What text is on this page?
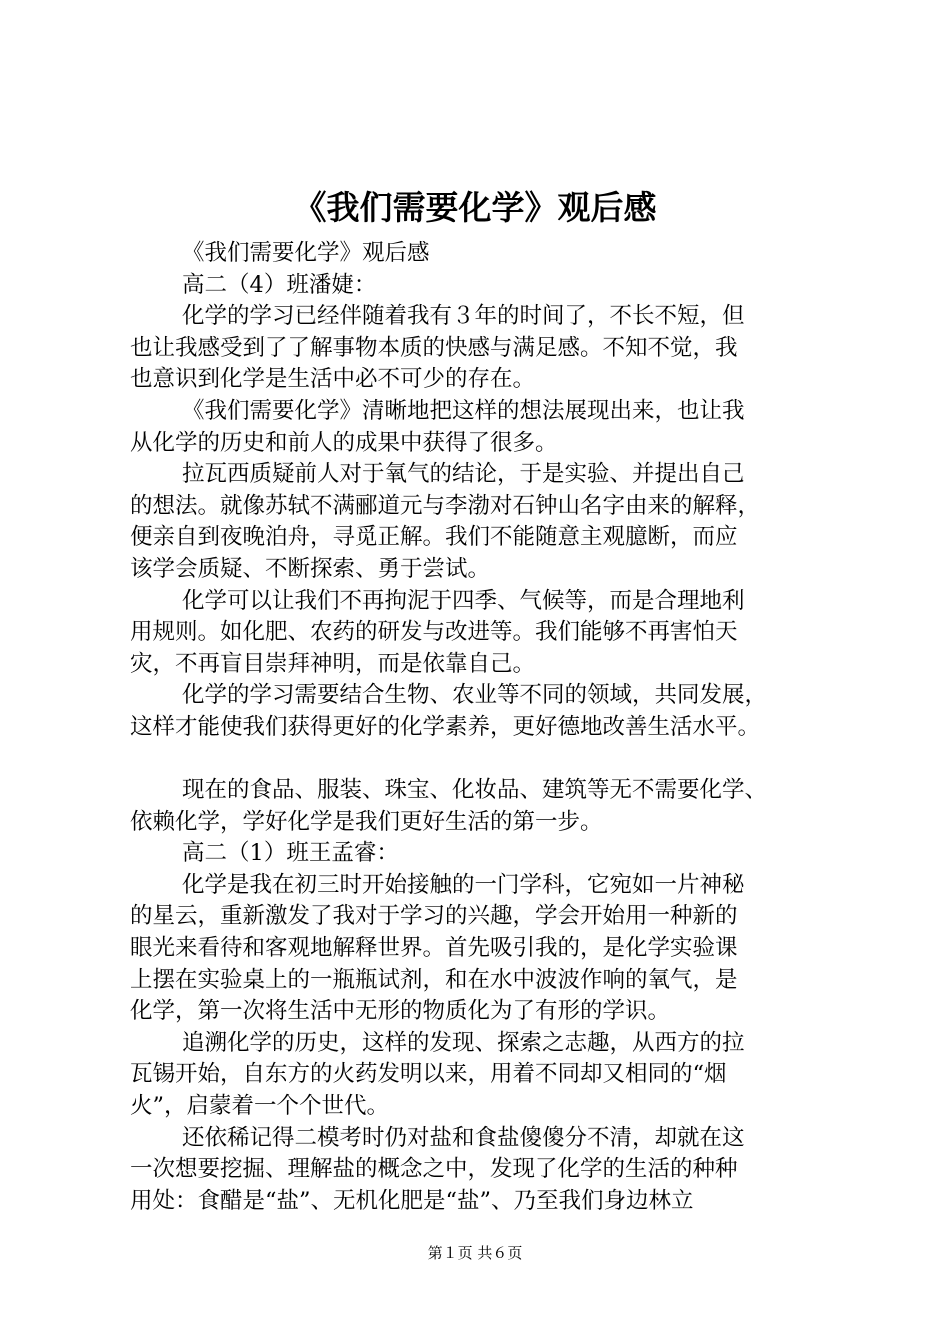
《我们需要化学》观后感
《我们需要化学》观后感
高二（4）班潘婕：
化学的学习已经伴随着我有３年的时间了，不长不短，但
也让我感受到了了解事物本质的快感与满足感。不知不觉，我
也意识到化学是生活中必不可少的存在。
《我们需要化学》清晰地把这样的想法展现出来，也让我
从化学的历史和前人的成果中获得了很多。
拉瓦西质疑前人对于氧气的结论，于是实验、并提出自己
的想法。就像苏轼不满郦道元与李渤对石钟山名字由来的解释，
便亲自到夜晚泊舟，寻觅正解。我们不能随意主观臆断，而应
该学会质疑、不断探索、勇于尝试。
化学可以让我们不再拘泥于四季、气候等，而是合理地利
用规则。如化肥、农药的研发与改进等。我们能够不再害怕天
灾，不再盲目崇拜神明，而是依靠自己。
化学的学习需要结合生物、农业等不同的领域，共同发展，
这样才能使我们获得更好的化学素养，更好德地改善生活水平。
现在的食品、服装、珠宝、化妆品、建筑等无不需要化学、
依赖化学，学好化学是我们更好生活的第一步。
高二（1）班王孟睿：
化学是我在初三时开始接触的一门学科，它宛如一片神秘
的星云，重新激发了我对于学习的兴趣，学会开始用一种新的
眼光来看待和客观地解释世界。首先吸引我的，是化学实验课
上摆在实验桌上的一瓶瓶试剂，和在水中波波作响的氧气，是
化学，第一次将生活中无形的物质化为了有形的学识。
追溯化学的历史，这样的发现、探索之志趣，从西方的拉
瓦锡开始，自东方的火药发明以来，用着不同却又相同的“烟
火”，启蒙着一个个世代。
还依稀记得二模考时仍对盐和食盐傻傻分不清，却就在这
一次想要挖掘、理解盐的概念之中，发现了化学的生活的种种
用处：食醋是“盐”、无机化肥是“盐”、乃至我们身边林立
第１页 共６页
